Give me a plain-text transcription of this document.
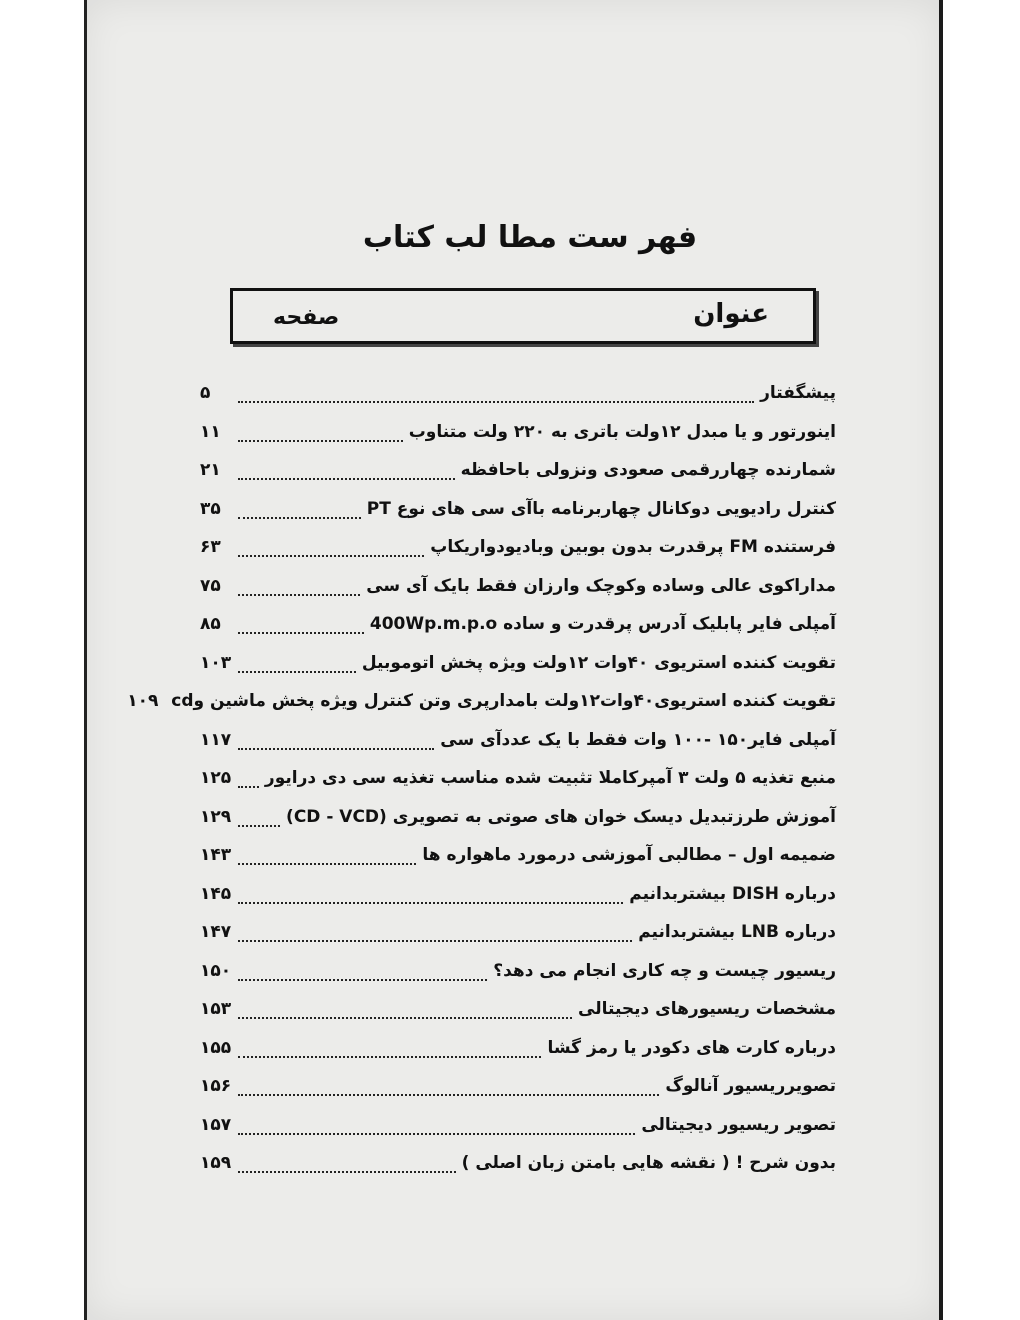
فهر ست مطا لب کتاب
عنوان
صفحه
پیشگفتار
۵
اینورتور و یا مبدل ۱۲ولت باتری به ۲۲۰ ولت متناوب
۱۱
شمارنده چهاررقمی صعودی ونزولی باحافظه
۲۱
کنترل رادیویی دوکانال چهاربرنامه باآی سی های نوع PT
۳۵
فرستنده FM پرقدرت بدون بوبین وبادیودواریکاپ
۶۳
مداراکوی عالی وساده وکوچک وارزان فقط بایک آی سی
۷۵
آمپلی فایر پابلیک آدرس پرقدرت و ساده 400Wp.m.p.o
۸۵
تقویت کننده استریوی ۴۰وات ۱۲ولت ویژه پخش اتوموبیل
۱۰۳
تقویت کننده استریوی۴۰وات۱۲ولت بامدارپری وتن کنترل ویژه پخش ماشین وcd
۱۰۹
آمپلی فایر۱۵۰ -۱۰۰ وات فقط با یک عددآی سی
۱۱۷
منبع تغذیه ۵ ولت ۳ آمپرکاملا تثبیت شده مناسب تغذیه سی دی درایور
۱۲۵
آموزش طرزتبدیل دیسک خوان های صوتی به تصویری (CD - VCD)
۱۲۹
ضمیمه اول – مطالبی آموزشی درمورد ماهواره ها
۱۴۳
درباره DISH بیشتربدانیم
۱۴۵
درباره LNB بیشتربدانیم
۱۴۷
ریسیور چیست و چه کاری انجام می دهد؟
۱۵۰
مشخصات ریسیورهای دیجیتالی
۱۵۳
درباره کارت های دکودر یا رمز گشا
۱۵۵
تصویرریسیور آنالوگ
۱۵۶
تصویر ریسیور دیجیتالی
۱۵۷
بدون شرح ! ( نقشه هایی بامتن زبان اصلی )
۱۵۹
